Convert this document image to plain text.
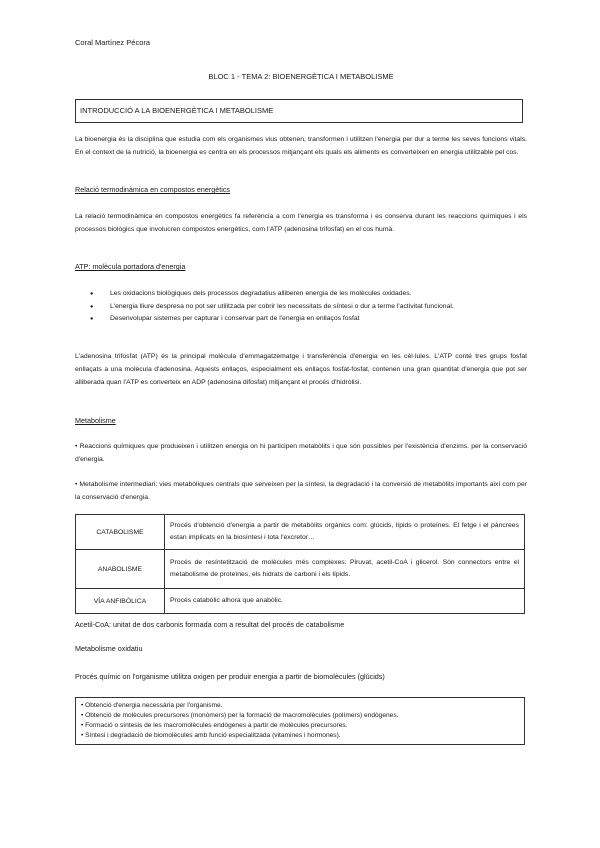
Coral Martínez Pécora
BLOC 1 - TEMA 2: BIOENERGÈTICA I METABOLISME
INTRODUCCIÓ A LA BIOENERGÈTICA I METABOLISME
La bioenergia és la disciplina que estudia com els organismes vius obtenen, transformen i utilitzen l'energia per dur a terme les seves funcions vitals. En el context de la nutrició, la bioenergia es centra en els processos mitjançant els quals els aliments es converteixen en energia utilitzable pel cos.
Relació termodinàmica en compostos energètics
La relació termodinàmica en compostos energètics fa referència a com l'energia es transforma i es conserva durant les reaccions químiques i els processos biològics que involucren compostos energètics, com l'ATP (adenosina trifosfat) en el cos humà.
ATP: molècula portadora d'energia
● Les oxidacions biològiques dels processos degradatius alliberen energia de les molècules oxidades.
● L'energia lliure despresa no pot ser utilitzada per cobrir les necessitats de síntesi o dur a terme l'activitat funcional.
● Desenvolupar sistemes per capturar i conservar part de l'energia en enllaços fosfat
L'adenosina trifosfat (ATP) és la principal molècula d'emmagatzematge i transferència d'energia en les cèl·lules. L'ATP conté tres grups fosfat enllaçats a una molècula d'adenosina. Aquests enllaços, especialment els enllaços fosfat-fosfat, contenen una gran quantitat d'energia que pot ser alliberada quan l'ATP es converteix en ADP (adenosina difosfat) mitjançant el procés d'hidròlisi.
Metabolisme
• Reaccions químiques que produeixen i utilitzen energia on hi participen metabòlits i que són possibles per l'existència d'enzims. per la conservació d'energia.
• Metabolisme intermediari: vies metabòliques centrals que serveixen per la síntesi, la degradació i la conversió de metabòlits importants així com per la conservació d'energia.
CATABOLISME	Procés d'obtenció d'energia a partir de metabòlits orgànics com: glúcids, lípids o proteïnes. El fetge i el pàncrees estan implicats en la biosíntesi i tota l'excretor…
ANABOLISME	Procés de resíntetització de molècules més complexes: Piruvat, acetil-CoA i glicerol. Són connectors entre el metabolisme de proteïnes, els hidrats de carboni i els lípids.
VÍA ANFIBÒLICA	Procés catabòlic alhora que anabòlic.
Acetil-CoA: unitat de dos carbonis formada com a resultat del procés de catabolisme
Metabolisme oxidatiu
Procés químic on l'organisme utilitza oxigen per produir energia a partir de biomolècules (glúcids)
• Obtenció d'energia necessària per l'organisme.
• Obtenció de molècules precursores (monòmers) per la formació de macromolècules (polímers) endògenes.
• Formació o síntesis de les macromolècules endògenes a partir de molècules precursores.
• Síntesi i degradació de biomolècules amb funció especialitzada (vitamines i hormones).
